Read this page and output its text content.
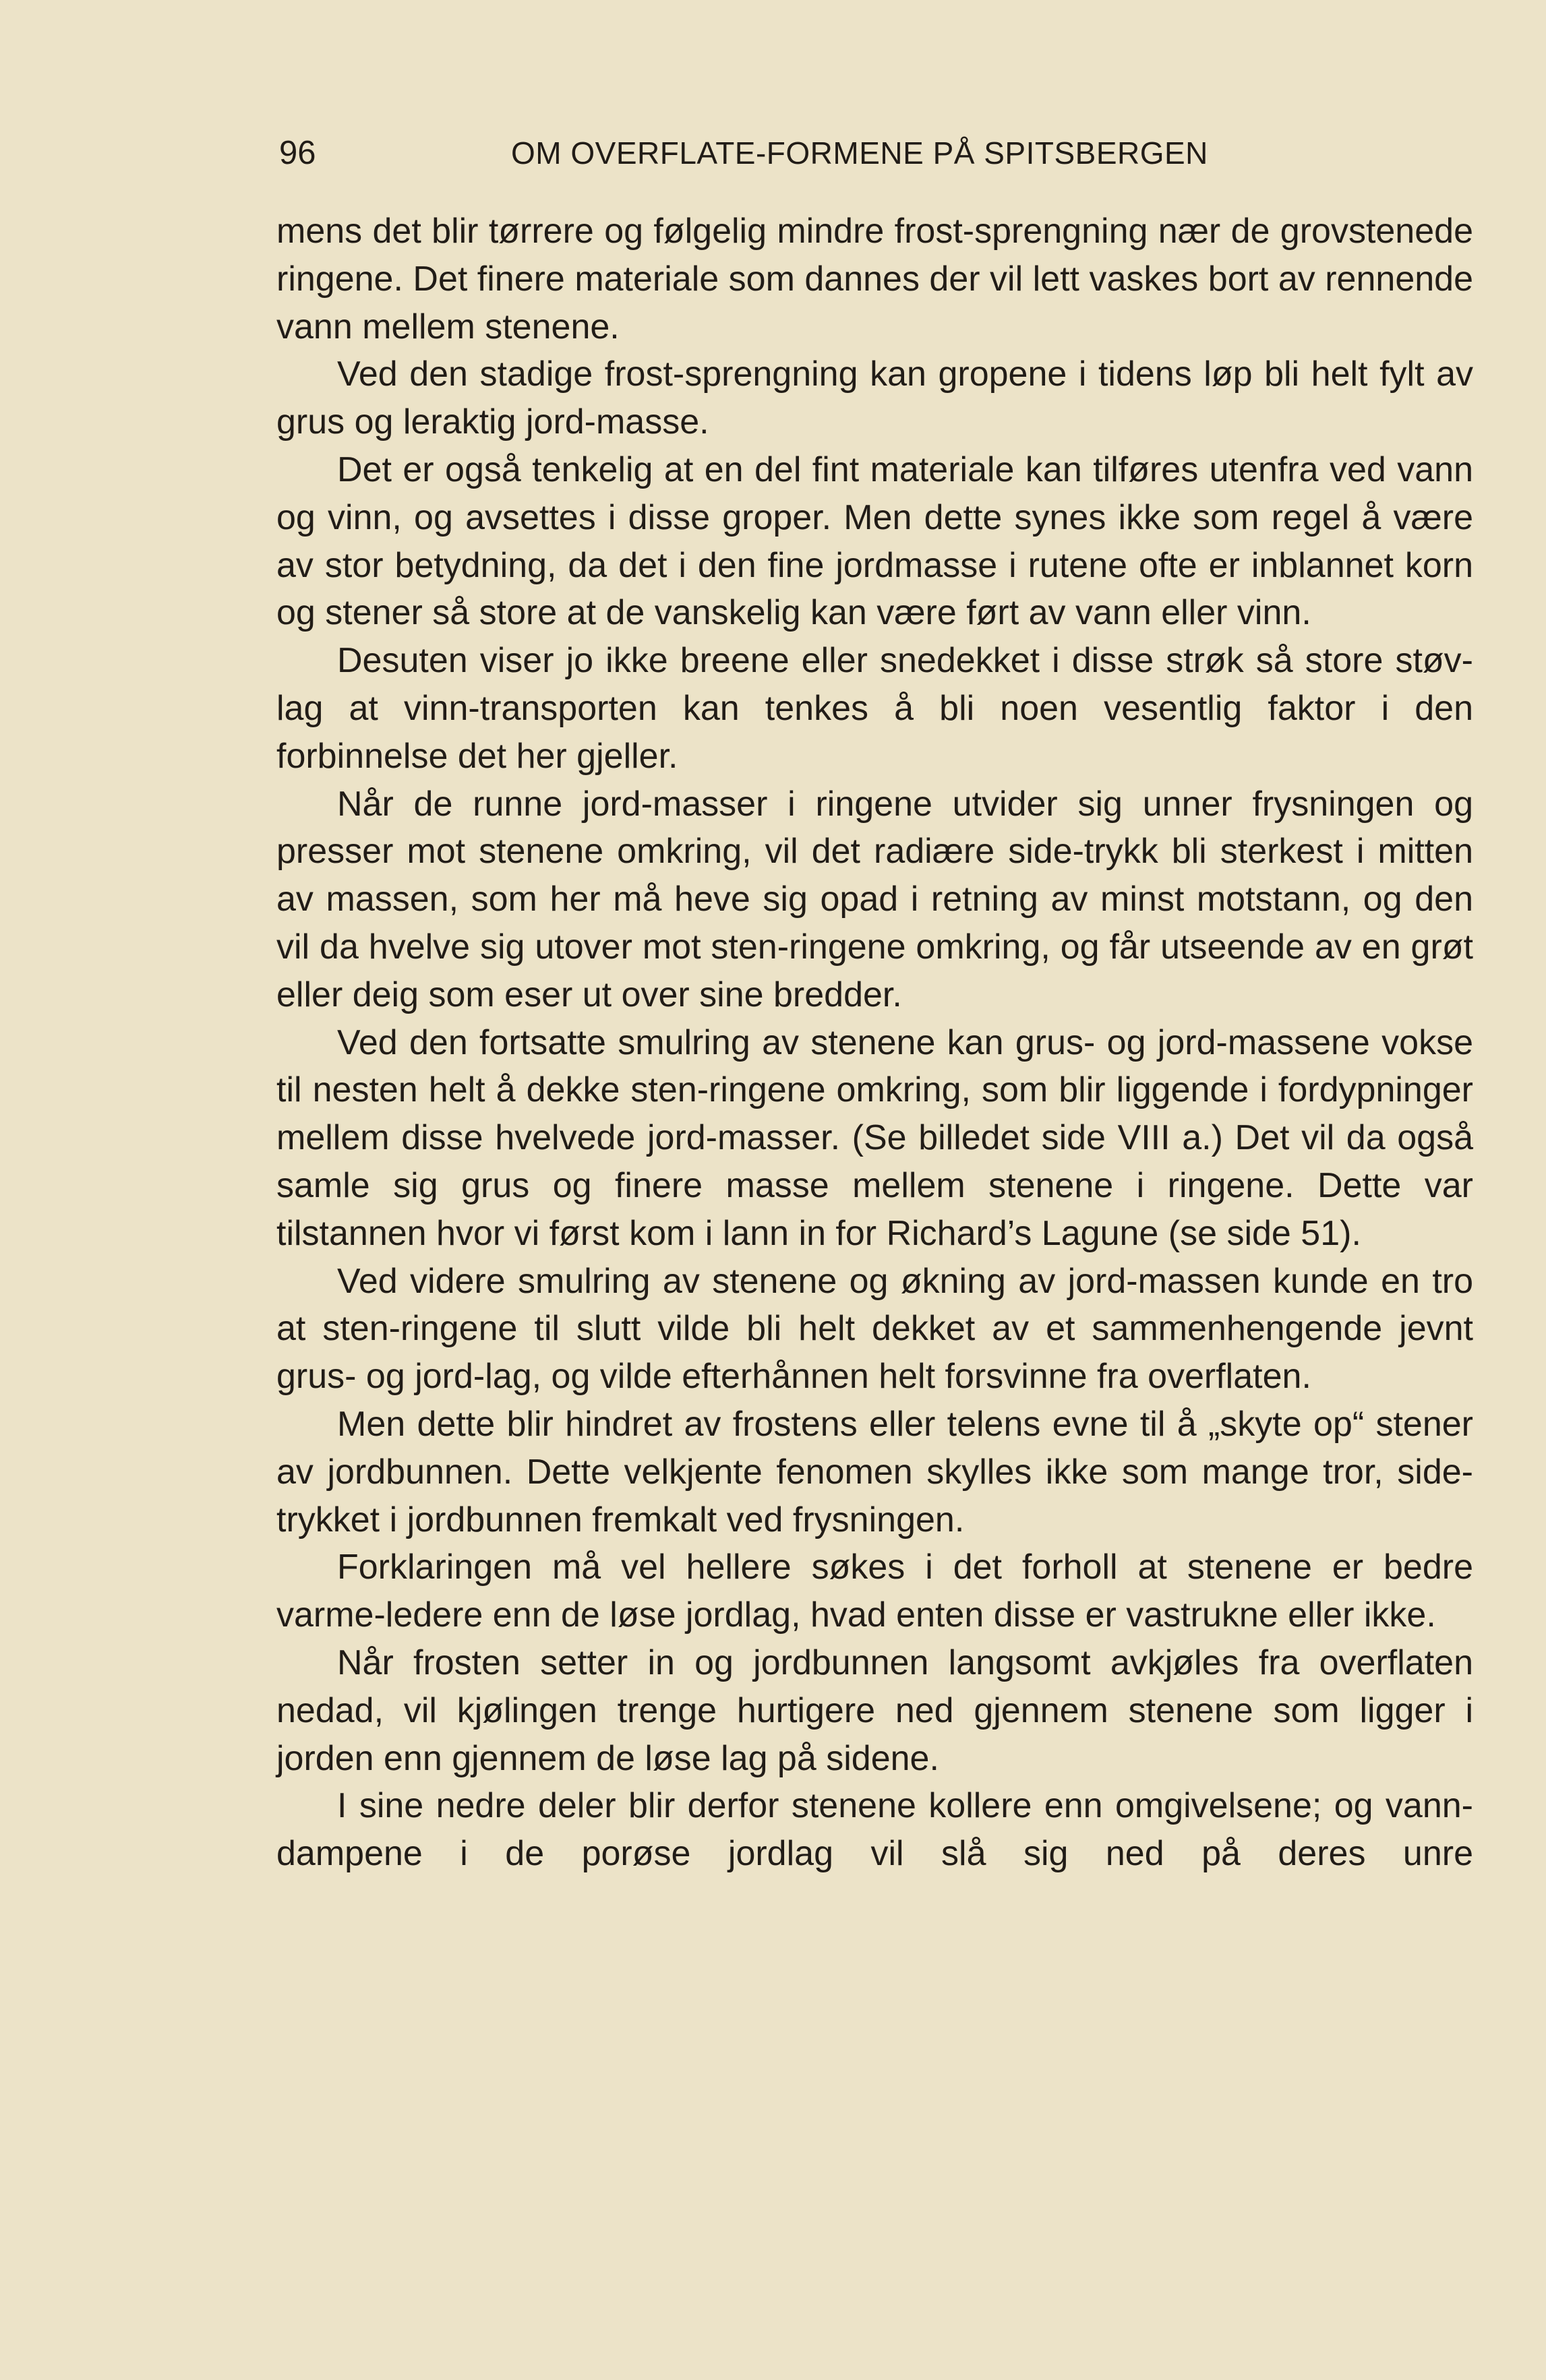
96	OM OVERFLATE-FORMENE PÅ SPITSBERGEN

mens det blir tørrere og følgelig mindre frost-sprengning nær de grovstenede ringene. Det finere materiale som dannes der vil lett vaskes bort av rennende vann mellem stenene.

Ved den stadige frost-sprengning kan gropene i tidens løp bli helt fylt av grus og leraktig jord-masse.

Det er også tenkelig at en del fint materiale kan tilføres utenfra ved vann og vinn, og avsettes i disse groper. Men dette synes ikke som regel å være av stor betydning, da det i den fine jordmasse i rutene ofte er inblannet korn og stener så store at de vanskelig kan være ført av vann eller vinn.

Desuten viser jo ikke breene eller snedekket i disse strøk så store støv-lag at vinn-transporten kan tenkes å bli noen vesentlig faktor i den forbinnelse det her gjeller.

Når de runne jord-masser i ringene utvider sig unner frysningen og presser mot stenene omkring, vil det radiære side-trykk bli sterkest i mitten av massen, som her må heve sig opad i retning av minst motstann, og den vil da hvelve sig utover mot sten-ringene omkring, og får utseende av en grøt eller deig som eser ut over sine bredder.

Ved den fortsatte smulring av stenene kan grus- og jord-massene vokse til nesten helt å dekke sten-ringene omkring, som blir liggende i fordypninger mellem disse hvelvede jord-masser. (Se billedet side VIII a.) Det vil da også samle sig grus og finere masse mellem stenene i ringene. Dette var tilstannen hvor vi først kom i lann in for Richard’s Lagune (se side 51).

Ved videre smulring av stenene og økning av jord-massen kunde en tro at sten-ringene til slutt vilde bli helt dekket av et sammenhengende jevnt grus- og jord-lag, og vilde efterhånnen helt forsvinne fra overflaten.

Men dette blir hindret av frostens eller telens evne til å „skyte op“ stener av jordbunnen. Dette velkjente fenomen skylles ikke som mange tror, side-trykket i jordbunnen fremkalt ved frysningen.

Forklaringen må vel hellere søkes i det forholl at stenene er bedre varme-ledere enn de løse jordlag, hvad enten disse er vastrukne eller ikke.

Når frosten setter in og jordbunnen langsomt avkjøles fra overflaten nedad, vil kjølingen trenge hurtigere ned gjennem stenene som ligger i jorden enn gjennem de løse lag på sidene.

I sine nedre deler blir derfor stenene kollere enn omgivelsene; og vann-dampene i de porøse jordlag vil slå sig ned på deres unre
